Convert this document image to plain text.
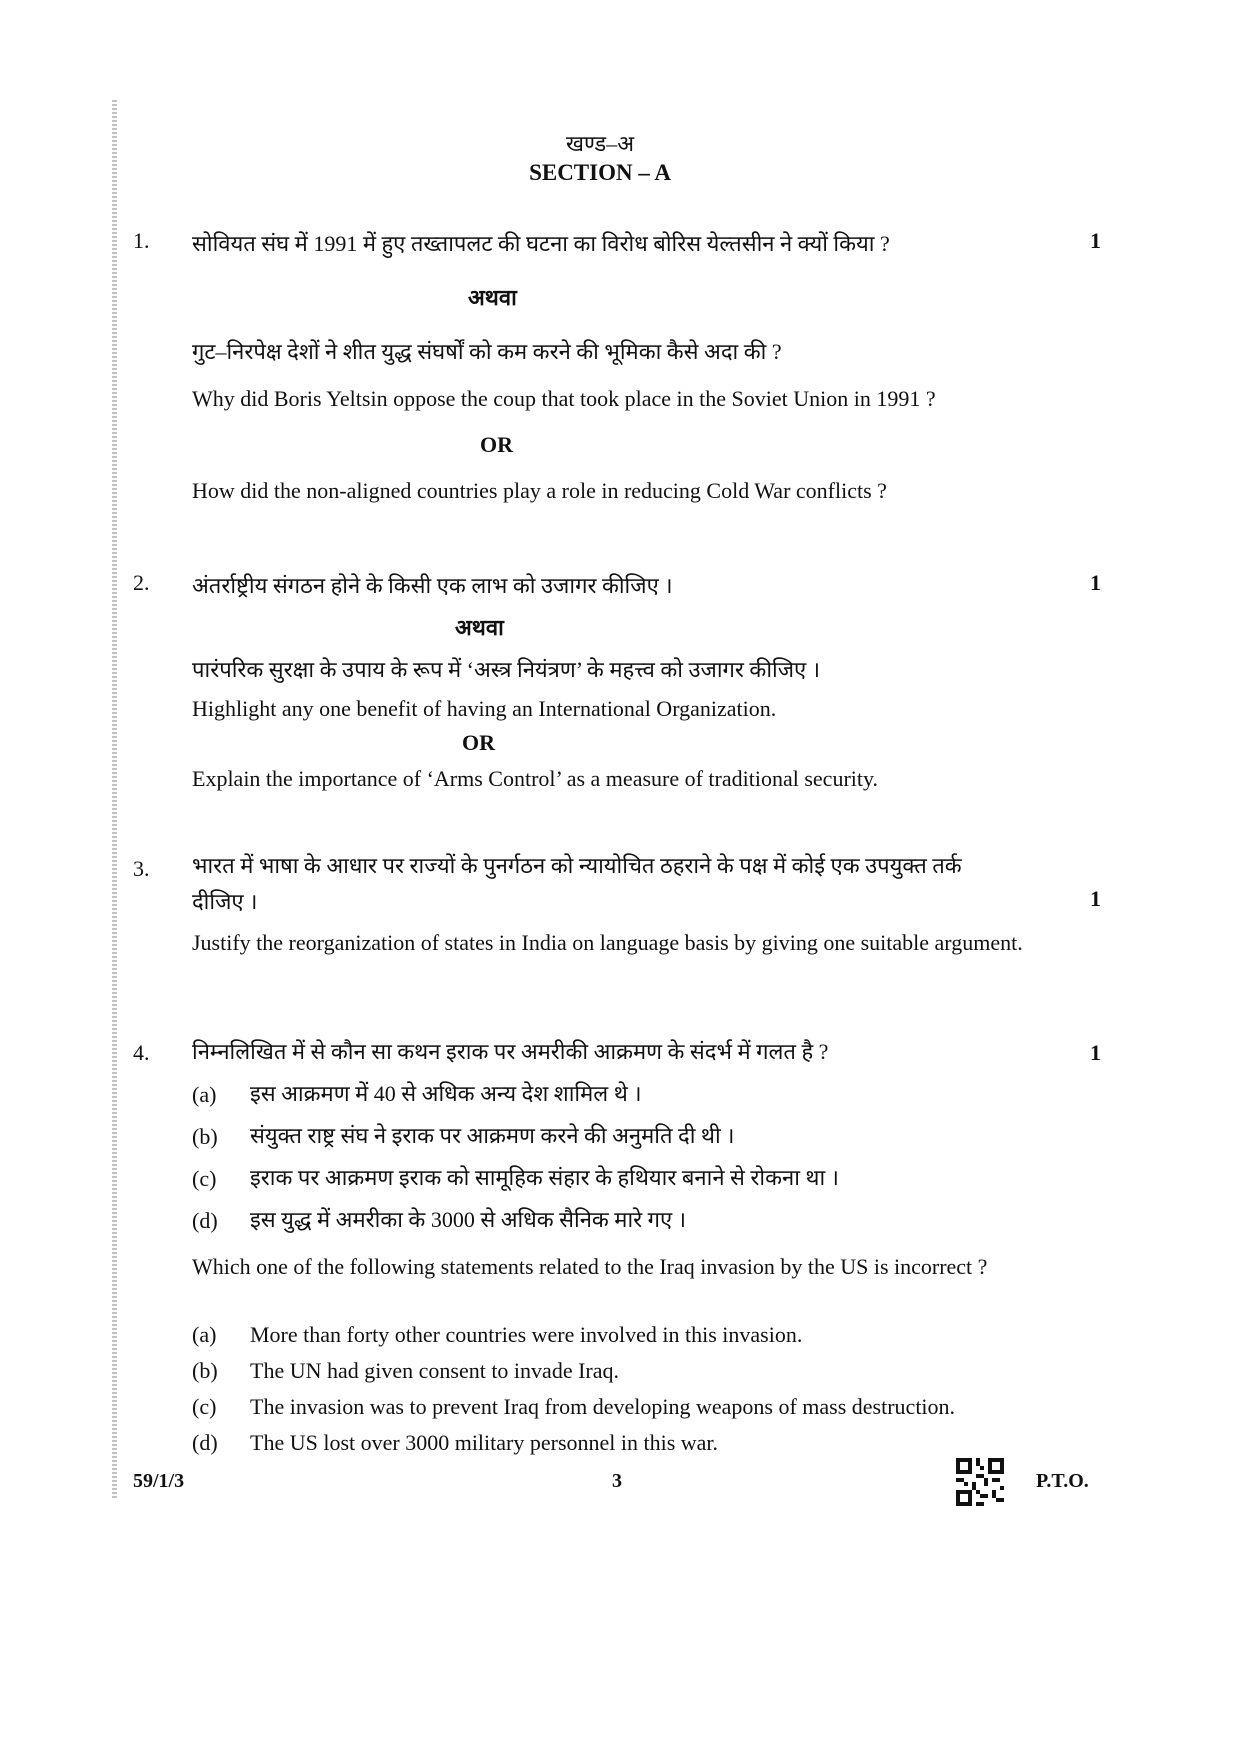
खण्ड–अ
SECTION – A
1. सोवियत संघ में 1991 में हुए तख्तापलट की घटना का विरोध बोरिस येल्तसीन ने क्यों किया ?	1
अथवा
गुट–निरपेक्ष देशों ने शीत युद्ध संघर्षों को कम करने की भूमिका कैसे अदा की ?
Why did Boris Yeltsin oppose the coup that took place in the Soviet Union in 1991 ?
OR
How did the non-aligned countries play a role in reducing Cold War conflicts ?
2. अंतर्राष्ट्रीय संगठन होने के किसी एक लाभ को उजागर कीजिए ।	1
अथवा
पारंपरिक सुरक्षा के उपाय के रूप में ‘अस्त्र नियंत्रण’ के महत्त्व को उजागर कीजिए ।
Highlight any one benefit of having an International Organization.
OR
Explain the importance of ‘Arms Control’ as a measure of traditional security.
3. भारत में भाषा के आधार पर राज्यों के पुनर्गठन को न्यायोचित ठहराने के पक्ष में कोई एक उपयुक्त तर्क
दीजिए ।	1
Justify the reorganization of states in India on language basis by giving one suitable argument.
4. निम्नलिखित में से कौन सा कथन इराक पर अमरीकी आक्रमण के संदर्भ में गलत है ?	1
(a) इस आक्रमण में 40 से अधिक अन्य देश शामिल थे ।
(b) संयुक्त राष्ट्र संघ ने इराक पर आक्रमण करने की अनुमति दी थी ।
(c) इराक पर आक्रमण इराक को सामूहिक संहार के हथियार बनाने से रोकना था ।
(d) इस युद्ध में अमरीका के 3000 से अधिक सैनिक मारे गए ।
Which one of the following statements related to the Iraq invasion by the US is incorrect ?
(a) More than forty other countries were involved in this invasion.
(b) The UN had given consent to invade Iraq.
(c) The invasion was to prevent Iraq from developing weapons of mass destruction.
(d) The US lost over 3000 military personnel in this war.
59/1/3	3	P.T.O.
